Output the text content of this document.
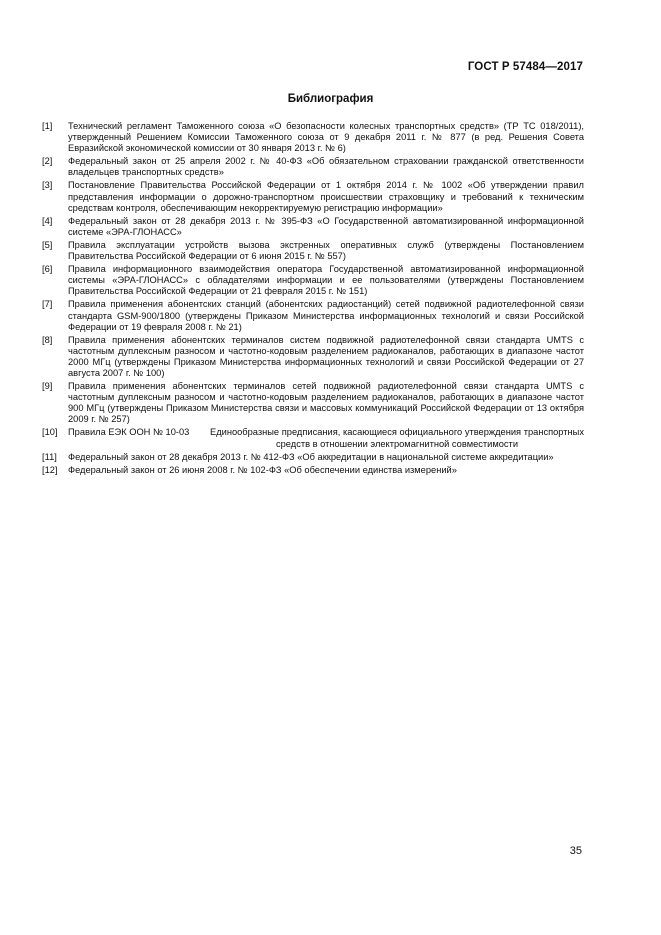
ГОСТ Р 57484—2017
Библиография
[1]	Технический регламент Таможенного союза «О безопасности колесных транспортных средств» (ТР ТС 018/2011), утвержденный Решением Комиссии Таможенного союза от 9 декабря 2011 г. № 877 (в ред. Решения Совета Евразийской экономической комиссии от 30 января 2013 г. № 6)
[2]	Федеральный закон от 25 апреля 2002 г. № 40-ФЗ «Об обязательном страховании гражданской ответственности владельцев транспортных средств»
[3]	Постановление Правительства Российской Федерации от 1 октября 2014 г. № 1002 «Об утверждении правил представления информации о дорожно-транспортном происшествии страховщику и требований к техническим средствам контроля, обеспечивающим некорректируемую регистрацию информации»
[4]	Федеральный закон от 28 декабря 2013 г. № 395-ФЗ «О Государственной автоматизированной информационной системе «ЭРА-ГЛОНАСС»
[5]	Правила эксплуатации устройств вызова экстренных оперативных служб (утверждены Постановлением Правительства Российской Федерации от 6 июня 2015 г. № 557)
[6]	Правила информационного взаимодействия оператора Государственной автоматизированной информационной системы «ЭРА-ГЛОНАСС» с обладателями информации и ее пользователями (утверждены Постановлением Правительства Российской Федерации от 21 февраля 2015 г. № 151)
[7]	Правила применения абонентских станций (абонентских радиостанций) сетей подвижной радиотелефонной связи стандарта GSM-900/1800 (утверждены Приказом Министерства информационных технологий и связи Российской Федерации от 19 февраля 2008 г. № 21)
[8]	Правила применения абонентских терминалов систем подвижной радиотелефонной связи стандарта UMTS с частотным дуплексным разносом и частотно-кодовым разделением радиоканалов, работающих в диапазоне частот 2000 МГц (утверждены Приказом Министерства информационных технологий и связи Российской Федерации от 27 августа 2007 г. № 100)
[9]	Правила применения абонентских терминалов сетей подвижной радиотелефонной связи стандарта UMTS с частотным дуплексным разносом и частотно-кодовым разделением радиоканалов, работающих в диапазоне частот 900 МГц (утверждены Приказом Министерства связи и массовых коммуникаций Российской Федерации от 13 октября 2009 г. № 257)
[10]	Правила ЕЭК ООН № 10-03	Единообразные предписания, касающиеся официального утверждения транспортных средств в отношении электромагнитной совместимости
[11]	Федеральный закон от 28 декабря 2013 г. № 412-ФЗ «Об аккредитации в национальной системе аккредитации»
[12]	Федеральный закон от 26 июня 2008 г. № 102-ФЗ «Об обеспечении единства измерений»
35
